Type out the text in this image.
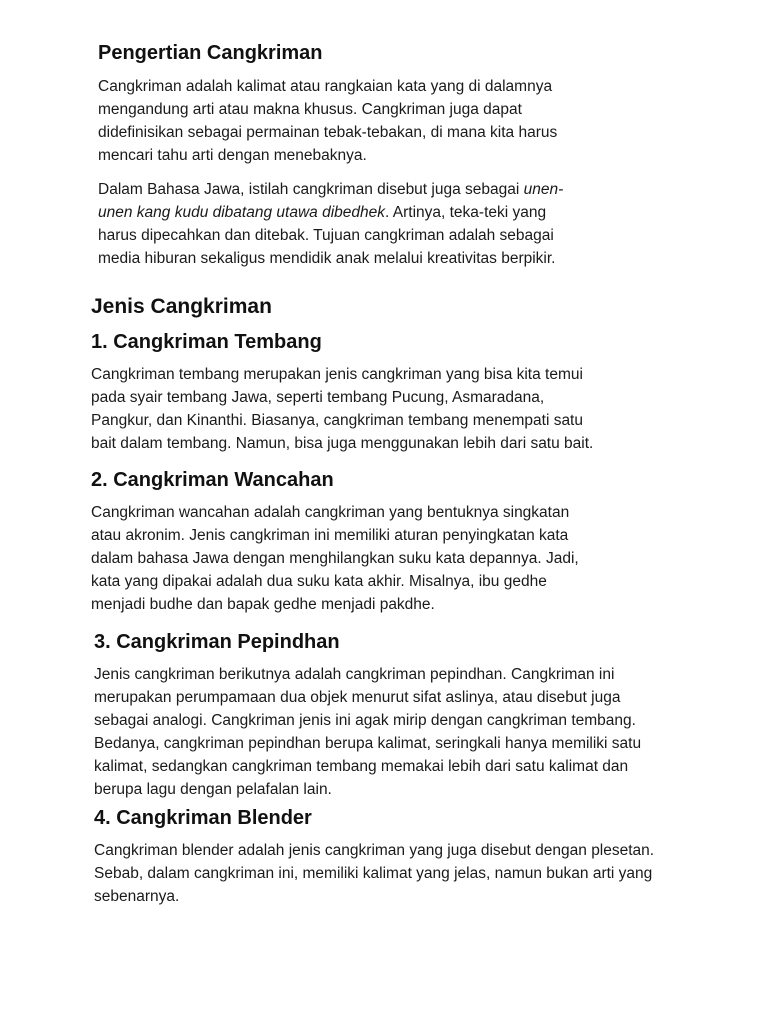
Pengertian Cangkriman

Cangkriman adalah kalimat atau rangkaian kata yang di dalamnya mengandung arti atau makna khusus. Cangkriman juga dapat didefinisikan sebagai permainan tebak-tebakan, di mana kita harus mencari tahu arti dengan menebaknya.

Dalam Bahasa Jawa, istilah cangkriman disebut juga sebagai unen-unen kang kudu dibatang utawa dibedhek. Artinya, teka-teki yang harus dipecahkan dan ditebak. Tujuan cangkriman adalah sebagai media hiburan sekaligus mendidik anak melalui kreativitas berpikir.

Jenis Cangkriman
1. Cangkriman Tembang

Cangkriman tembang merupakan jenis cangkriman yang bisa kita temui pada syair tembang Jawa, seperti tembang Pucung, Asmaradana, Pangkur, dan Kinanthi. Biasanya, cangkriman tembang menempati satu bait dalam tembang. Namun, bisa juga menggunakan lebih dari satu bait.

2. Cangkriman Wancahan

Cangkriman wancahan adalah cangkriman yang bentuknya singkatan atau akronim. Jenis cangkriman ini memiliki aturan penyingkatan kata dalam bahasa Jawa dengan menghilangkan suku kata depannya. Jadi, kata yang dipakai adalah dua suku kata akhir. Misalnya, ibu gedhe menjadi budhe dan bapak gedhe menjadi pakdhe.

3. Cangkriman Pepindhan

Jenis cangkriman berikutnya adalah cangkriman pepindhan. Cangkriman ini merupakan perumpamaan dua objek menurut sifat aslinya, atau disebut juga sebagai analogi. Cangkriman jenis ini agak mirip dengan cangkriman tembang. Bedanya, cangkriman pepindhan berupa kalimat, seringkali hanya memiliki satu kalimat, sedangkan cangkriman tembang memakai lebih dari satu kalimat dan berupa lagu dengan pelafalan lain.

4. Cangkriman Blender

Cangkriman blender adalah jenis cangkriman yang juga disebut dengan plesetan. Sebab, dalam cangkriman ini, memiliki kalimat yang jelas, namun bukan arti yang sebenarnya.
